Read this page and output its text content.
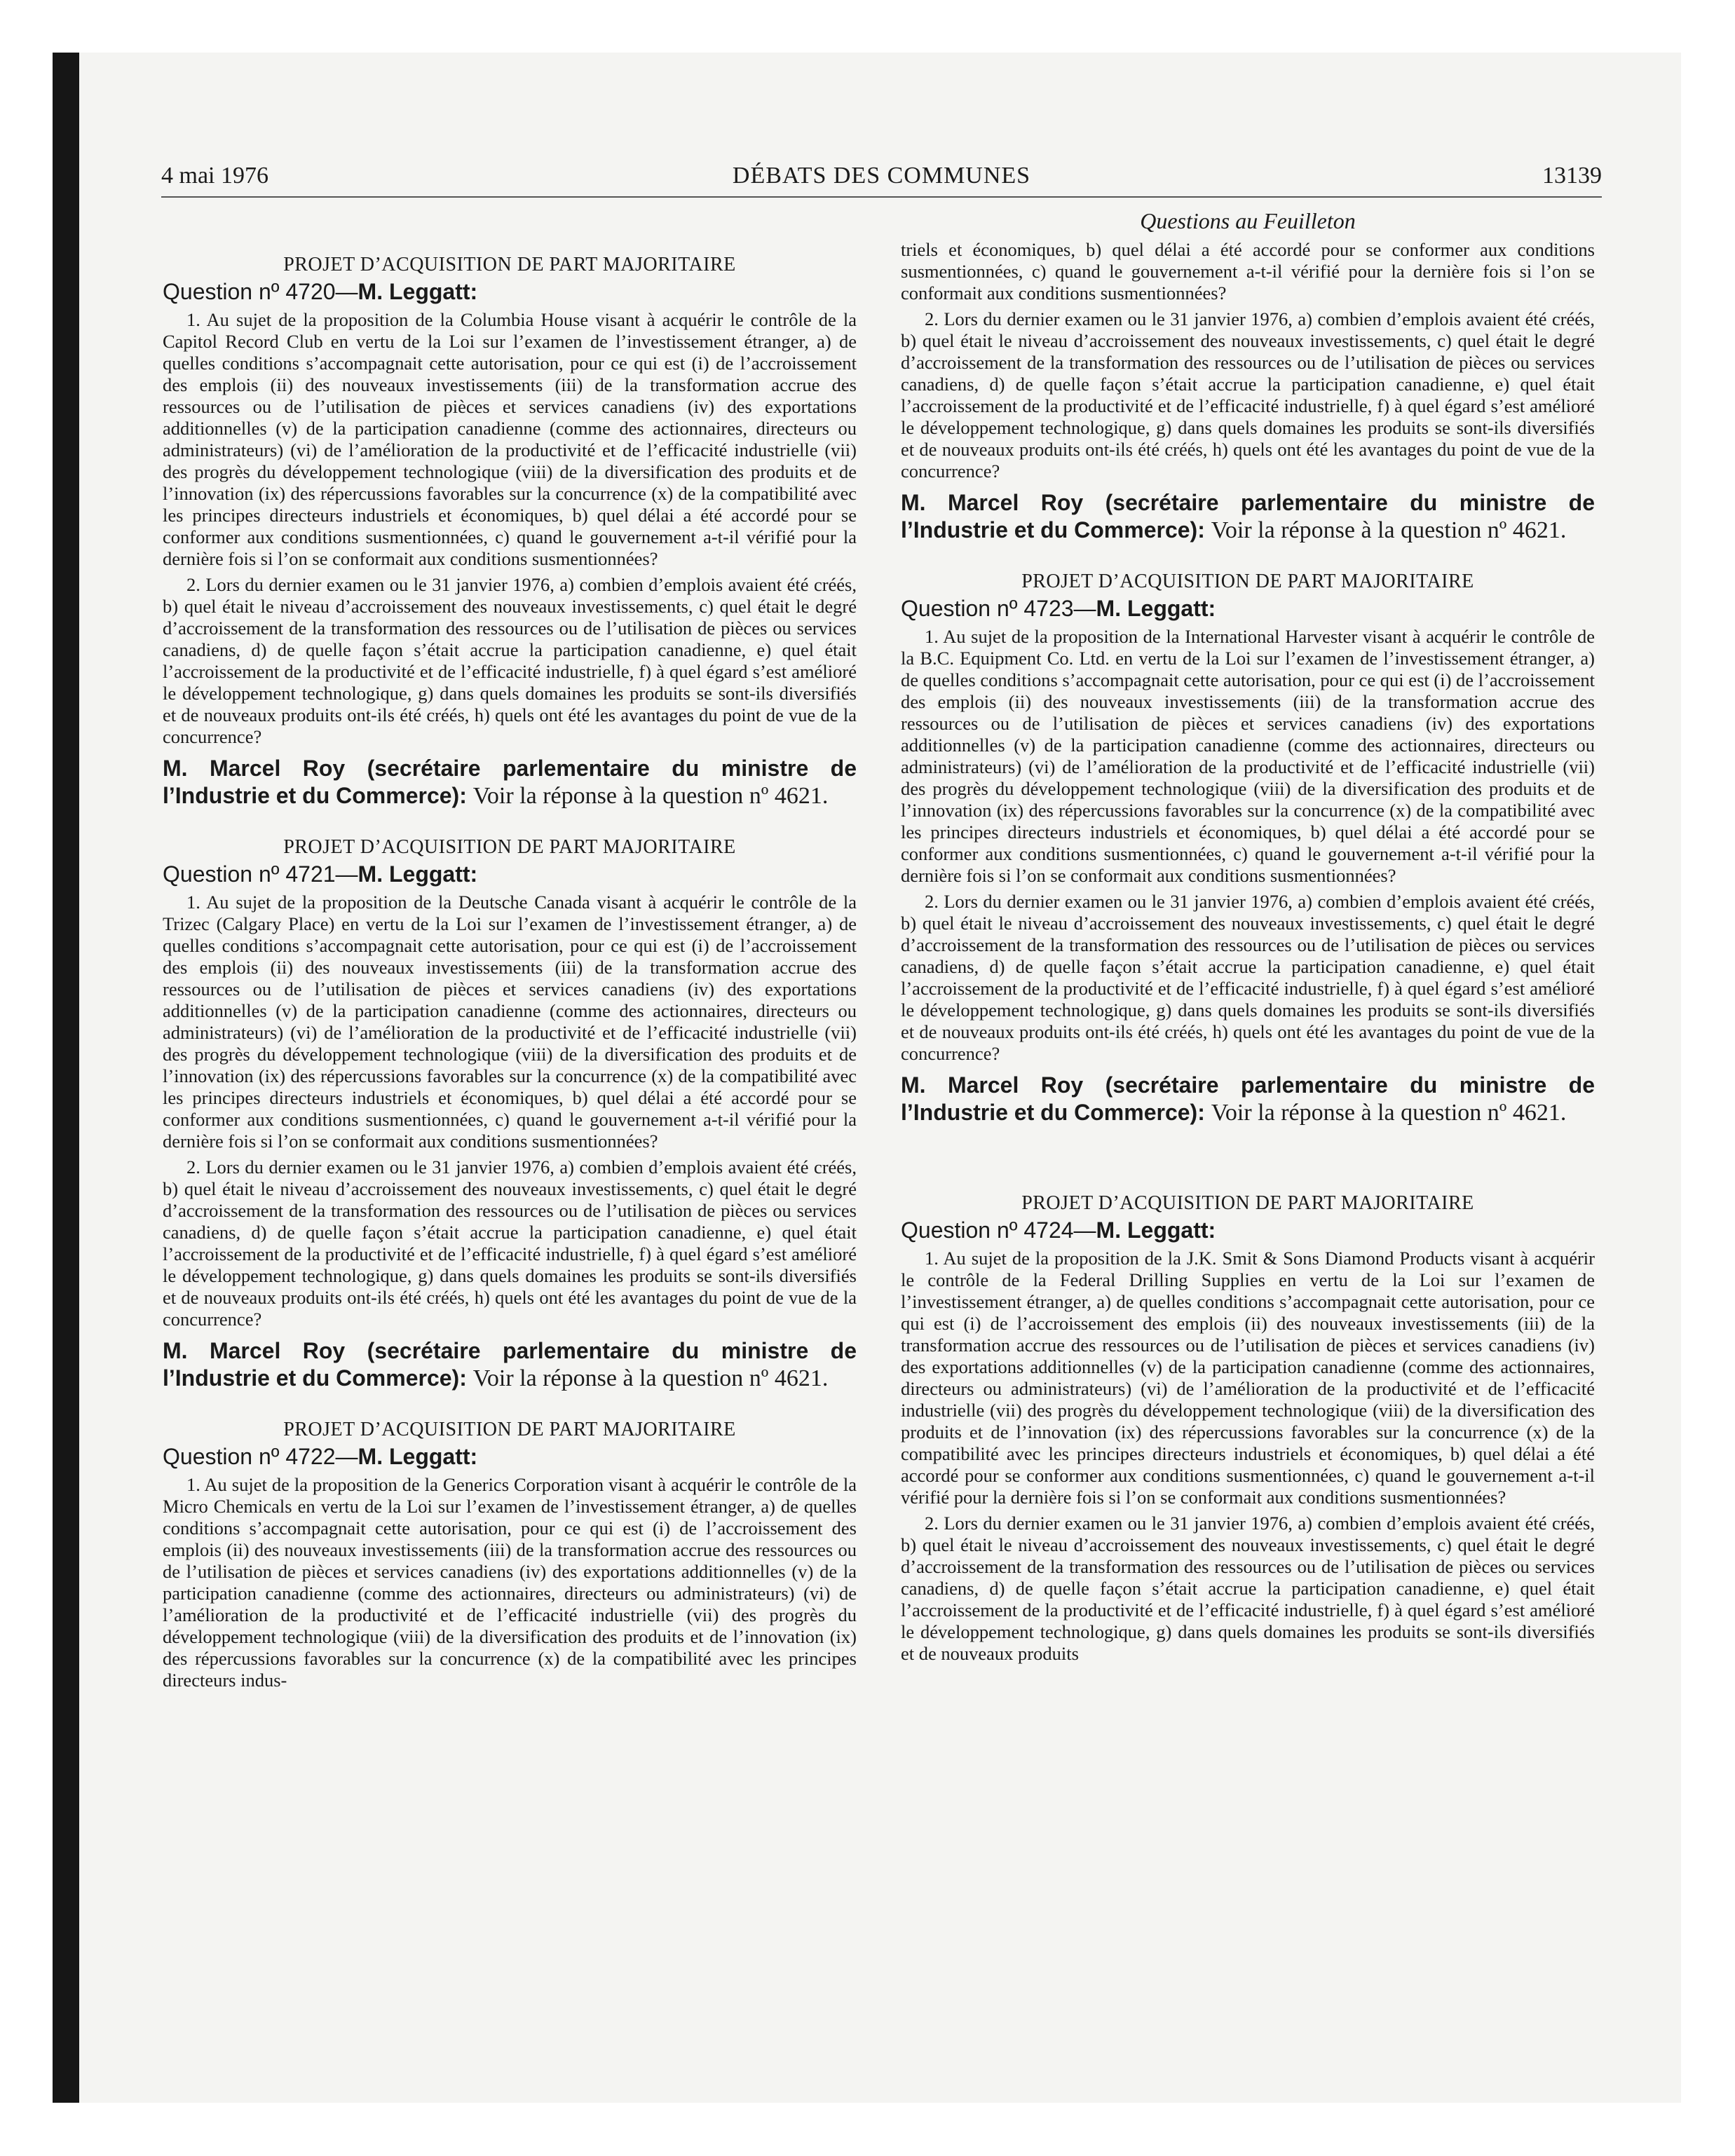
4 mai 1976	DÉBATS DES COMMUNES	13139
PROJET D’ACQUISITION DE PART MAJORITAIRE
Question nº 4720—M. Leggatt:

1. Au sujet de la proposition de la Columbia House visant à acquérir le contrôle de la Capitol Record Club en vertu de la Loi sur l’examen de l’investissement étranger, a) de quelles conditions s’accompagnait cette autorisation, pour ce qui est (i) de l’accroissement des emplois (ii) des nouveaux investissements (iii) de la transformation accrue des ressources ou de l’utilisation de pièces et services canadiens (iv) des exportations additionnelles (v) de la participation canadienne (comme des actionnaires, directeurs ou administrateurs) (vi) de l’amélioration de la productivité et de l’efficacité industrielle (vii) des progrès du développement technologique (viii) de la diversification des produits et de l’innovation (ix) des répercussions favorables sur la concurrence (x) de la compatibilité avec les principes directeurs industriels et économiques, b) quel délai a été accordé pour se conformer aux conditions susmentionnées, c) quand le gouvernement a-t-il vérifié pour la dernière fois si l’on se conformait aux conditions susmentionnées?

2. Lors du dernier examen ou le 31 janvier 1976, a) combien d’emplois avaient été créés, b) quel était le niveau d’accroissement des nouveaux investissements, c) quel était le degré d’accroissement de la transformation des ressources ou de l’utilisation de pièces ou services canadiens, d) de quelle façon s’était accrue la participation canadienne, e) quel était l’accroissement de la productivité et de l’efficacité industrielle, f) à quel égard s’est amélioré le développement technologique, g) dans quels domaines les produits se sont-ils diversifiés et de nouveaux produits ont-ils été créés, h) quels ont été les avantages du point de vue de la concurrence?

M. Marcel Roy (secrétaire parlementaire du ministre de l’Industrie et du Commerce): Voir la réponse à la question nº 4621.
PROJET D’ACQUISITION DE PART MAJORITAIRE
Question nº 4721—M. Leggatt:

1. Au sujet de la proposition de la Deutsche Canada visant à acquérir le contrôle de la Trizec (Calgary Place) en vertu de la Loi sur l’examen de l’investissement étranger, a) de quelles conditions s’accompagnait cette autorisation, pour ce qui est (i) de l’accroissement des emplois (ii) des nouveaux investissements (iii) de la transformation accrue des ressources ou de l’utilisation de pièces et services canadiens (iv) des exportations additionnelles (v) de la participation canadienne (comme des actionnaires, directeurs ou administrateurs) (vi) de l’amélioration de la productivité et de l’efficacité industrielle (vii) des progrès du développement technologique (viii) de la diversification des produits et de l’innovation (ix) des répercussions favorables sur la concurrence (x) de la compatibilité avec les principes directeurs industriels et économiques, b) quel délai a été accordé pour se conformer aux conditions susmentionnées, c) quand le gouvernement a-t-il vérifié pour la dernière fois si l’on se conformait aux conditions susmentionnées?

2. Lors du dernier examen ou le 31 janvier 1976, a) combien d’emplois avaient été créés, b) quel était le niveau d’accroissement des nouveaux investissements, c) quel était le degré d’accroissement de la transformation des ressources ou de l’utilisation de pièces ou services canadiens, d) de quelle façon s’était accrue la participation canadienne, e) quel était l’accroissement de la productivité et de l’efficacité industrielle, f) à quel égard s’est amélioré le développement technologique, g) dans quels domaines les produits se sont-ils diversifiés et de nouveaux produits ont-ils été créés, h) quels ont été les avantages du point de vue de la concurrence?

M. Marcel Roy (secrétaire parlementaire du ministre de l’Industrie et du Commerce): Voir la réponse à la question nº 4621.
PROJET D’ACQUISITION DE PART MAJORITAIRE
Question nº 4722—M. Leggatt:

1. Au sujet de la proposition de la Generics Corporation visant à acquérir le contrôle de la Micro Chemicals en vertu de la Loi sur l’examen de l’investissement étranger, a) de quelles conditions s’accompagnait cette autorisation, pour ce qui est (i) de l’accroissement des emplois (ii) des nouveaux investissements (iii) de la transformation accrue des ressources ou de l’utilisation de pièces et services canadiens (iv) des exportations additionnelles (v) de la participation canadienne (comme des actionnaires, directeurs ou administrateurs) (vi) de l’amélioration de la productivité et de l’efficacité industrielle (vii) des progrès du développement technologique (viii) de la diversification des produits et de l’innovation (ix) des répercussions favorables sur la concurrence (x) de la compatibilité avec les principes directeurs indus-

Questions au Feuilleton

triels et économiques, b) quel délai a été accordé pour se conformer aux conditions susmentionnées, c) quand le gouvernement a-t-il vérifié pour la dernière fois si l’on se conformait aux conditions susmentionnées?

2. Lors du dernier examen ou le 31 janvier 1976, a) combien d’emplois avaient été créés, b) quel était le niveau d’accroissement des nouveaux investissements, c) quel était le degré d’accroissement de la transformation des ressources ou de l’utilisation de pièces ou services canadiens, d) de quelle façon s’était accrue la participation canadienne, e) quel était l’accroissement de la productivité et de l’efficacité industrielle, f) à quel égard s’est amélioré le développement technologique, g) dans quels domaines les produits se sont-ils diversifiés et de nouveaux produits ont-ils été créés, h) quels ont été les avantages du point de vue de la concurrence?

M. Marcel Roy (secrétaire parlementaire du ministre de l’Industrie et du Commerce): Voir la réponse à la question nº 4621.
PROJET D’ACQUISITION DE PART MAJORITAIRE
Question nº 4723—M. Leggatt:

1. Au sujet de la proposition de la International Harvester visant à acquérir le contrôle de la B.C. Equipment Co. Ltd. en vertu de la Loi sur l’examen de l’investissement étranger, a) de quelles conditions s’accompagnait cette autorisation, pour ce qui est (i) de l’accroissement des emplois (ii) des nouveaux investissements (iii) de la transformation accrue des ressources ou de l’utilisation de pièces et services canadiens (iv) des exportations additionnelles (v) de la participation canadienne (comme des actionnaires, directeurs ou administrateurs) (vi) de l’amélioration de la productivité et de l’efficacité industrielle (vii) des progrès du développement technologique (viii) de la diversification des produits et de l’innovation (ix) des répercussions favorables sur la concurrence (x) de la compatibilité avec les principes directeurs industriels et économiques, b) quel délai a été accordé pour se conformer aux conditions susmentionnées, c) quand le gouvernement a-t-il vérifié pour la dernière fois si l’on se conformait aux conditions susmentionnées?

2. Lors du dernier examen ou le 31 janvier 1976, a) combien d’emplois avaient été créés, b) quel était le niveau d’accroissement des nouveaux investissements, c) quel était le degré d’accroissement de la transformation des ressources ou de l’utilisation de pièces ou services canadiens, d) de quelle façon s’était accrue la participation canadienne, e) quel était l’accroissement de la productivité et de l’efficacité industrielle, f) à quel égard s’est amélioré le développement technologique, g) dans quels domaines les produits se sont-ils diversifiés et de nouveaux produits ont-ils été créés, h) quels ont été les avantages du point de vue de la concurrence?

M. Marcel Roy (secrétaire parlementaire du ministre de l’Industrie et du Commerce): Voir la réponse à la question nº 4621.
PROJET D’ACQUISITION DE PART MAJORITAIRE
Question nº 4724—M. Leggatt:

1. Au sujet de la proposition de la J.K. Smit & Sons Diamond Products visant à acquérir le contrôle de la Federal Drilling Supplies en vertu de la Loi sur l’examen de l’investissement étranger, a) de quelles conditions s’accompagnait cette autorisation, pour ce qui est (i) de l’accroissement des emplois (ii) des nouveaux investissements (iii) de la transformation accrue des ressources ou de l’utilisation de pièces et services canadiens (iv) des exportations additionnelles (v) de la participation canadienne (comme des actionnaires, directeurs ou administrateurs) (vi) de l’amélioration de la productivité et de l’efficacité industrielle (vii) des progrès du développement technologique (viii) de la diversification des produits et de l’innovation (ix) des répercussions favorables sur la concurrence (x) de la compatibilité avec les principes directeurs industriels et économiques, b) quel délai a été accordé pour se conformer aux conditions susmentionnées, c) quand le gouvernement a-t-il vérifié pour la dernière fois si l’on se conformait aux conditions susmentionnées?

2. Lors du dernier examen ou le 31 janvier 1976, a) combien d’emplois avaient été créés, b) quel était le niveau d’accroissement des nouveaux investissements, c) quel était le degré d’accroissement de la transformation des ressources ou de l’utilisation de pièces ou services canadiens, d) de quelle façon s’était accrue la participation canadienne, e) quel était l’accroissement de la productivité et de l’efficacité industrielle, f) à quel égard s’est amélioré le développement technologique, g) dans quels domaines les produits se sont-ils diversifiés et de nouveaux produits
